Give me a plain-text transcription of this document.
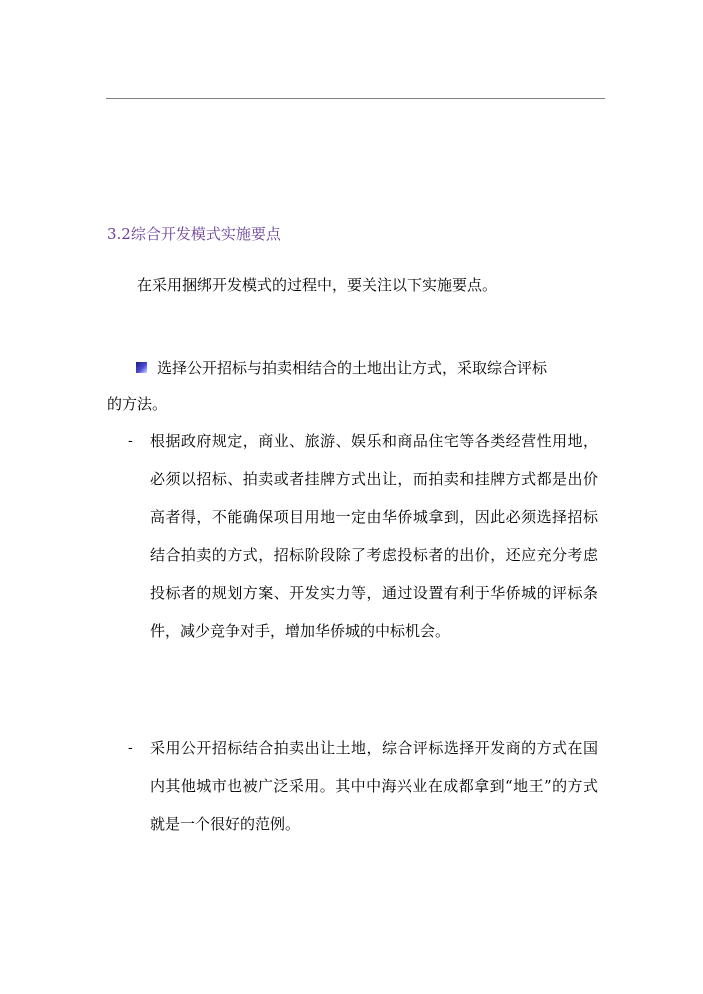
3.2综合开发模式实施要点
在采用捆绑开发模式的过程中，要关注以下实施要点。
选择公开招标与拍卖相结合的土地出让方式，采取综合评标
的方法。
-	根据政府规定，商业、旅游、娱乐和商品住宅等各类经营性用地，必须以招标、拍卖或者挂牌方式出让，而拍卖和挂牌方式都是出价高者得，不能确保项目用地一定由华侨城拿到，因此必须选择招标结合拍卖的方式，招标阶段除了考虑投标者的出价，还应充分考虑投标者的规划方案、开发实力等，通过设置有利于华侨城的评标条件，减少竞争对手，增加华侨城的中标机会。
-	采用公开招标结合拍卖出让土地，综合评标选择开发商的方式在国内其他城市也被广泛采用。其中中海兴业在成都拿到“地王”的方式就是一个很好的范例。
